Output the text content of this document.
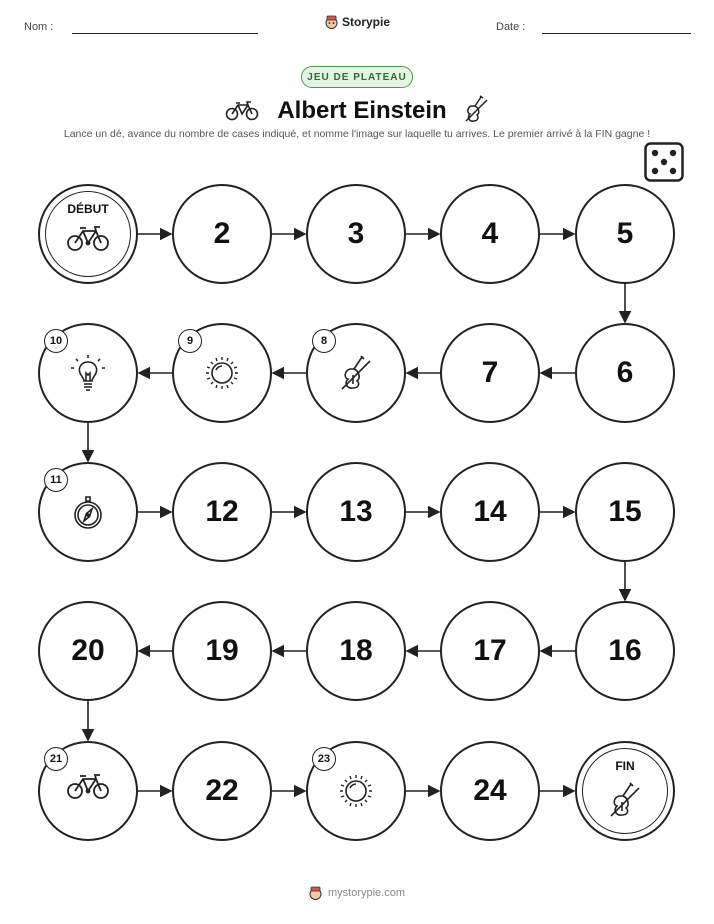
Nom :	Storypie	Date :
JEU DE PLATEAU
Albert Einstein
Lance un dé, avance du nombre de cases indiqué, et nomme l'image sur laquelle tu arrives. Le premier arrivé à la FIN gagne !
DÉBUT
2	3	4	5
6
7
8
9
10
11
12	13	14	15
16
17
18
19
20
21
22
23
24
FIN
mystorypie.com
